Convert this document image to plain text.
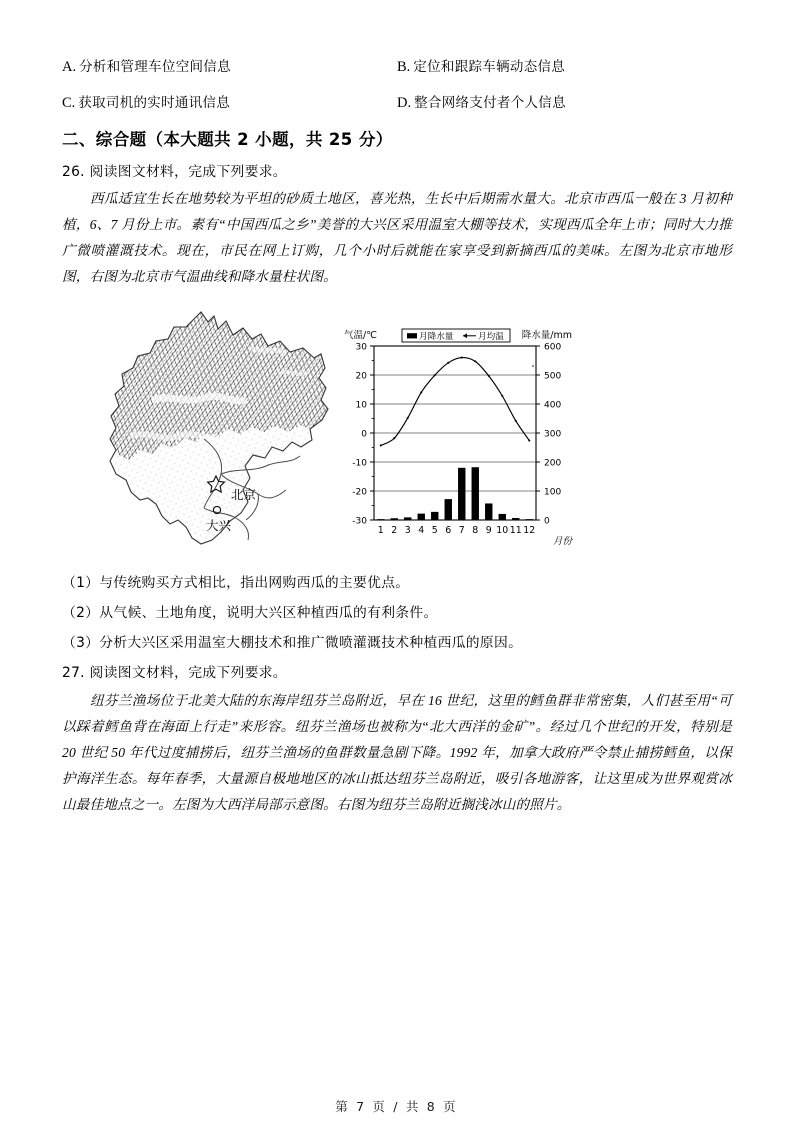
A. 分析和管理车位空间信息	B. 定位和跟踪车辆动态信息
C. 获取司机的实时通讯信息	D. 整合网络支付者个人信息
二、综合题（本大题共 2 小题，共 25 分）
26. 阅读图文材料，完成下列要求。
西瓜适宜生长在地势较为平坦的砂质土地区，喜光热，生长中后期需水量大。北京市西瓜一般在 3 月初种植，6、7 月份上市。素有“中国西瓜之乡”美誉的大兴区采用温室大棚等技术，实现西瓜全年上市；同时大力推广微喷灌溉技术。现在，市民在网上订购，几个小时后就能在家享受到新摘西瓜的美味。左图为北京市地形图，右图为北京市气温曲线和降水量柱状图。
北京
大兴
气温/℃	降水量/mm
月降水量	月均温
-30
-20
-10
0
10
20
30
0
100
200
300
400
500
600
1 2 3 4 5 6 7 8 9 10 11 12
月份
（1）与传统购买方式相比，指出网购西瓜的主要优点。
（2）从气候、土地角度，说明大兴区种植西瓜的有利条件。
（3）分析大兴区采用温室大棚技术和推广微喷灌溉技术种植西瓜的原因。
27. 阅读图文材料，完成下列要求。
纽芬兰渔场位于北美大陆的东海岸纽芬兰岛附近，早在 16 世纪，这里的鳕鱼群非常密集，人们甚至用“可以踩着鳕鱼背在海面上行走”来形容。纽芬兰渔场也被称为“北大西洋的金矿”。经过几个世纪的开发，特别是 20 世纪 50 年代过度捕捞后，纽芬兰渔场的鱼群数量急剧下降。1992 年，加拿大政府严令禁止捕捞鳕鱼，以保护海洋生态。每年春季，大量源自极地地区的冰山抵达纽芬兰岛附近，吸引各地游客，让这里成为世界观赏冰山最佳地点之一。左图为大西洋局部示意图。右图为纽芬兰岛附近搁浅冰山的照片。
第 7 页 / 共 8 页
